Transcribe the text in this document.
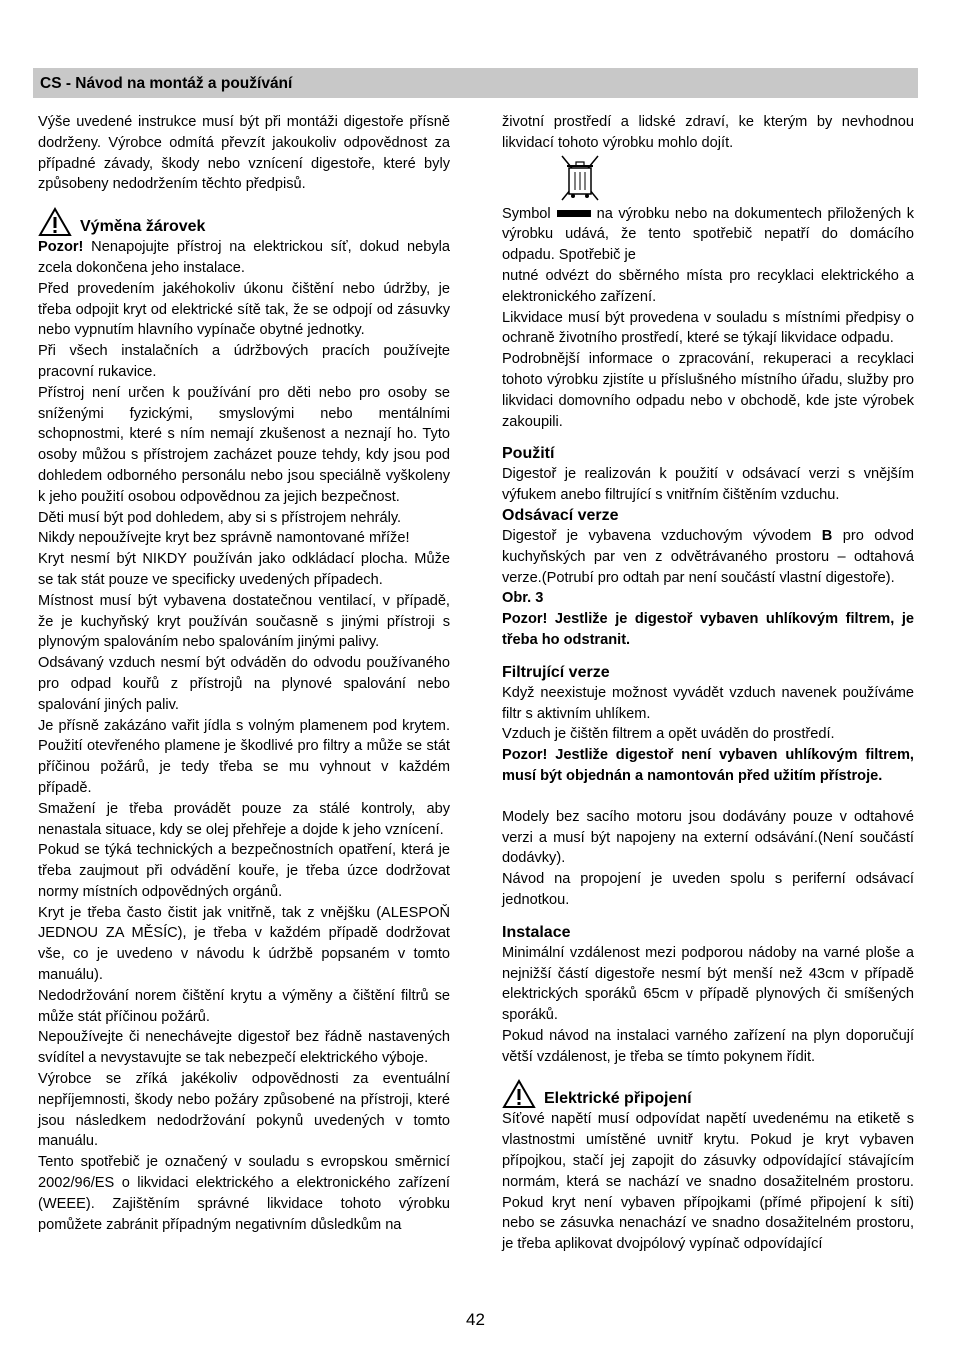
CS - Návod na montáž a používání

Výše uvedené instrukce musí být při montáži digestoře přísně dodrženy. Výrobce odmítá převzít jakoukoliv odpovědnost za případné závady, škody nebo vznícení digestoře, které byly způsobeny nedodržením těchto předpisů.

Výměna žárovek

Pozor! Nenapojujte přístroj na elektrickou síť, dokud nebyla zcela dokončena jeho instalace.

Před provedením jakéhokoliv úkonu čištění nebo údržby, je třeba odpojit kryt od elektrické sítě tak, že se odpojí od zásuvky nebo vypnutím hlavního vypínače obytné jednotky.

Při všech instalačních a údržbových pracích používejte pracovní rukavice.

Přístroj není určen k používání pro děti nebo pro osoby se sníženými fyzickými, smyslovými nebo mentálními schopnostmi, které s ním nemají zkušenost a neznají ho. Tyto osoby můžou s přístrojem zacházet pouze tehdy, kdy jsou pod dohledem odborného personálu nebo jsou speciálně vyškoleny k jeho použití osobou odpovědnou za jejich bezpečnost.

Děti musí být pod dohledem, aby si s přístrojem nehrály.

Nikdy nepoužívejte kryt bez správně namontované mříže!

Kryt nesmí být NIKDY používán jako odkládací plocha. Může se tak stát pouze ve specificky uvedených případech.

Místnost musí být vybavena dostatečnou ventilací, v případě, že je kuchyňský kryt používán současně s jinými přístroji s plynovým spalováním nebo spalováním jinými palivy.

Odsávaný vzduch nesmí být odváděn do odvodu používaného pro odpad kouřů z přístrojů na plynové spalování nebo spalování jiných paliv.

Je přísně zakázáno vařit jídla s volným plamenem pod krytem. Použití otevřeného plamene je škodlivé pro filtry a může se stát příčinou požárů, je tedy třeba se mu vyhnout v každém případě.

Smažení je třeba provádět pouze za stálé kontroly, aby nenastala situace, kdy se olej přehřeje a dojde k jeho vznícení.

Pokud se týká technických a bezpečnostních opatření, která je třeba zaujmout při odvádění kouře, je třeba úzce dodržovat normy místních odpovědných orgánů.

Kryt je třeba často čistit jak vnitřně, tak z vnějšku (ALESPOŇ JEDNOU ZA MĚSÍC), je třeba v každém případě dodržovat vše, co je uvedeno v návodu k údržbě popsaném v tomto manuálu).

Nedodržování norem čištění krytu a výměny a čištění filtrů se může stát příčinou požárů.

Nepoužívejte či nenechávejte digestoř bez řádně nastavených svídítel a nevystavujte se tak nebezpečí elektrického výboje.

Výrobce se zříká jakékoliv odpovědnosti za eventuální nepříjemnosti, škody nebo požáry způsobené na přístroji, které jsou následkem nedodržování pokynů uvedených v tomto manuálu.

Tento spotřebič je označený v souladu s evropskou směrnicí 2002/96/ES o likvidaci elektrického a elektronického zařízení (WEEE). Zajištěním správné likvidace tohoto výrobku pomůžete zabránit případným negativním důsledkům na

životní prostředí a lidské zdraví, ke kterým by nevhodnou likvidací tohoto výrobku mohlo dojít.

Symbol	na výrobku nebo na dokumentech přiložených k výrobku udává, že tento spotřebič nepatří do domácího odpadu. Spotřebič je

nutné odvézt do sběrného místa pro recyklaci elektrického a elektronického zařízení.

Likvidace musí být provedena v souladu s místními předpisy o ochraně životního prostředí, které se týkají likvidace odpadu.

Podrobnější informace o zpracování, rekuperaci a recyklaci tohoto výrobku zjistíte u příslušného místního úřadu, služby pro likvidaci domovního odpadu nebo v obchodě, kde jste výrobek zakoupili.

Použití

Digestoř je realizován k použití v odsávací verzi s vnějším výfukem anebo filtrující s vnitřním čištěním vzduchu.

Odsávací verze

Digestoř je vybavena vzduchovým vývodem B pro odvod kuchyňských par ven z odvětrávaného prostoru – odtahová verze.(Potrubí pro odtah par není součástí vlastní digestoře).

Obr. 3

Pozor! Jestliže je digestoř vybaven uhlíkovým filtrem, je třeba ho odstranit.

Filtrující verze

Když neexistuje možnost vyvádět vzduch navenek používáme filtr s aktivním uhlíkem.

Vzduch je čištěn filtrem a opět uváděn do prostředí.

Pozor! Jestliže digestoř není vybaven uhlíkovým filtrem, musí být objednán a namontován před užitím přístroje.

Modely bez sacího motoru jsou dodávány pouze v odtahové verzi a musí být napojeny na externí odsávání.(Není součástí dodávky).

Návod na propojení je uveden spolu s periferní odsávací jednotkou.

Instalace

Minimální vzdálenost mezi podporou nádoby na varné ploše a nejnižší částí digestoře nesmí být menší než 43cm v případě elektrických sporáků 65cm v případě plynových či smíšených sporáků.

Pokud návod na instalaci varného zařízení na plyn doporučují větší vzdálenost, je třeba se tímto pokynem řídit.

Elektrické připojení

Síťové napětí musí odpovídat napětí uvedenému na etiketě s vlastnostmi umístěné uvnitř krytu. Pokud je kryt vybaven přípojkou, stačí jej zapojit do zásuvky odpovídající stávajícím normám, která se nachází ve snadno dosažitelném prostoru. Pokud kryt není vybaven přípojkami (přímé připojení k síti) nebo se zásuvka nenachází ve snadno dosažitelném prostoru, je třeba aplikovat dvojpólový vypínač odpovídající

42
